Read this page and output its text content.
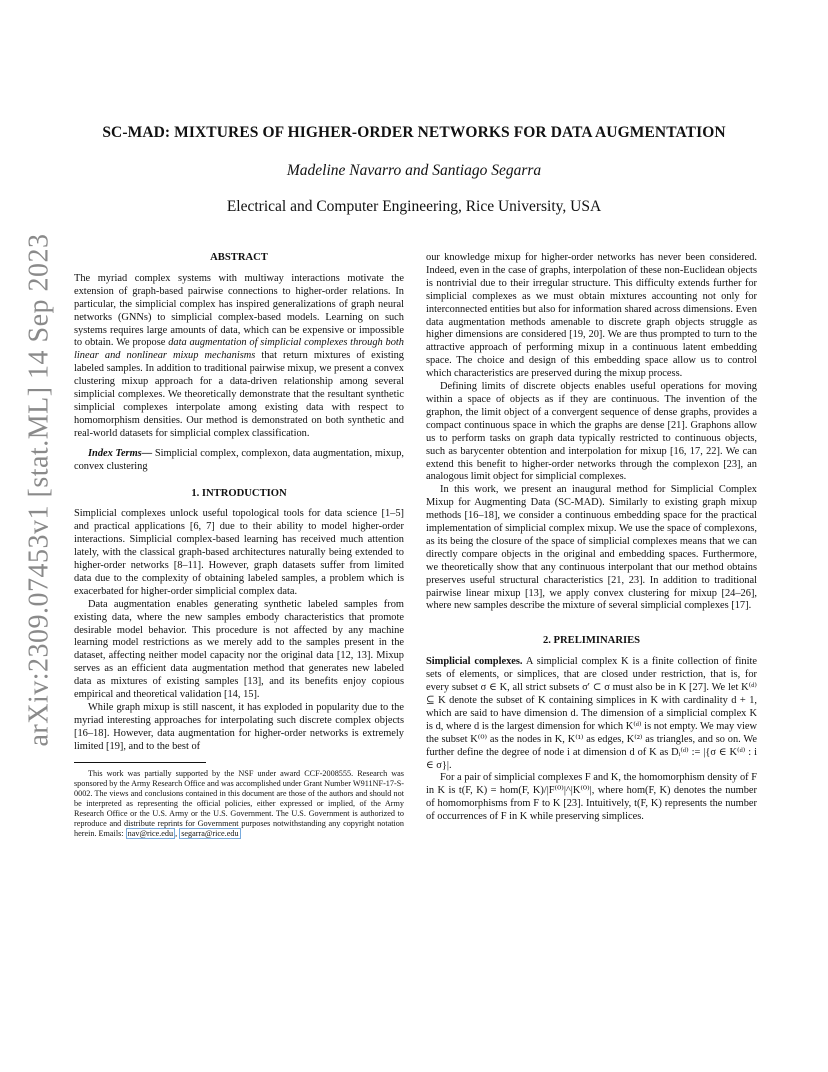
arXiv:2309.07453v1 [stat.ML] 14 Sep 2023
SC-MAD: MIXTURES OF HIGHER-ORDER NETWORKS FOR DATA AUGMENTATION
Madeline Navarro and Santiago Segarra
Electrical and Computer Engineering, Rice University, USA
ABSTRACT

The myriad complex systems with multiway interactions motivate the extension of graph-based pairwise connections to higher-order relations. In particular, the simplicial complex has inspired generalizations of graph neural networks (GNNs) to simplicial complex-based models. Learning on such systems requires large amounts of data, which can be expensive or impossible to obtain. We propose data augmentation of simplicial complexes through both linear and nonlinear mixup mechanisms that return mixtures of existing labeled samples. In addition to traditional pairwise mixup, we present a convex clustering mixup approach for a data-driven relationship among several simplicial complexes. We theoretically demonstrate that the resultant synthetic simplicial complexes interpolate among existing data with respect to homomorphism densities. Our method is demonstrated on both synthetic and real-world datasets for simplicial complex classification.

Index Terms— Simplicial complex, complexon, data augmentation, mixup, convex clustering

1. INTRODUCTION

Simplicial complexes unlock useful topological tools for data science [1–5] and practical applications [6, 7] due to their ability to model higher-order interactions. Simplicial complex-based learning has received much attention lately, with the classical graph-based architectures naturally being extended to higher-order networks [8–11]. However, graph datasets suffer from limited data due to the complexity of obtaining labeled samples, a problem which is exacerbated for higher-order simplicial complex data.

Data augmentation enables generating synthetic labeled samples from existing data, where the new samples embody characteristics that promote desirable model behavior. This procedure is not affected by any machine learning model restrictions as we merely add to the samples present in the dataset, affecting neither model capacity nor the original data [12, 13]. Mixup serves as an efficient data augmentation method that generates new labeled data as mixtures of existing samples [13], and its benefits enjoy copious empirical and theoretical validation [14, 15].

While graph mixup is still nascent, it has exploded in popularity due to the myriad interesting approaches for interpolating such discrete complex objects [16–18]. However, data augmentation for higher-order networks is extremely limited [19], and to the best of

This work was partially supported by the NSF under award CCF-2008555. Research was sponsored by the Army Research Office and was accomplished under Grant Number W911NF-17-S-0002. The views and conclusions contained in this document are those of the authors and should not be interpreted as representing the official policies, either expressed or implied, of the Army Research Office or the U.S. Army or the U.S. Government. The U.S. Government is authorized to reproduce and distribute reprints for Government purposes notwithstanding any copyright notation herein. Emails: nav@rice.edu , segarra@rice.edu

our knowledge mixup for higher-order networks has never been considered. Indeed, even in the case of graphs, interpolation of these non-Euclidean objects is nontrivial due to their irregular structure. This difficulty extends further for simplicial complexes as we must obtain mixtures accounting not only for interconnected entities but also for information shared across dimensions. Even data augmentation methods amenable to discrete graph objects struggle as higher dimensions are considered [19, 20]. We are thus prompted to turn to the attractive approach of performing mixup in a continuous latent embedding space. The choice and design of this embedding space allow us to control which characteristics are preserved during the mixup process.

Defining limits of discrete objects enables useful operations for moving within a space of objects as if they are continuous. The invention of the graphon, the limit object of a convergent sequence of dense graphs, provides a compact continuous space in which the graphs are dense [21]. Graphons allow us to perform tasks on graph data typically restricted to continuous objects, such as barycenter obtention and interpolation for mixup [16, 17, 22]. We can extend this benefit to higher-order networks through the complexon [23], an analogous limit object for simplicial complexes.

In this work, we present an inaugural method for Simplicial Complex Mixup for Augmenting Data (SC-MAD). Similarly to existing graph mixup methods [16–18], we consider a continuous embedding space for the practical implementation of simplicial complex mixup. We use the space of complexons, as its being the closure of the space of simplicial complexes means that we can directly compare objects in the original and embedding spaces. Furthermore, we theoretically show that any continuous interpolant that our method obtains preserves useful structural characteristics [21, 23]. In addition to traditional pairwise linear mixup [13], we apply convex clustering for mixup [24–26], where new samples describe the mixture of several simplicial complexes [17].

2. PRELIMINARIES

Simplicial complexes. A simplicial complex K is a finite collection of finite sets of elements, or simplices, that are closed under restriction, that is, for every subset σ ∈ K, all strict subsets σ′ ⊂ σ must also be in K [27]. We let K⁽ᵈ⁾ ⊆ K denote the subset of K containing simplices in K with cardinality d + 1, which are said to have dimension d. The dimension of a simplicial complex K is d, where d is the largest dimension for which K⁽ᵈ⁾ is not empty. We may view the subset K⁽⁰⁾ as the nodes in K, K⁽¹⁾ as edges, K⁽²⁾ as triangles, and so on. We further define the degree of node i at dimension d of K as Dᵢ⁽ᵈ⁾ := |{σ ∈ K⁽ᵈ⁾ : i ∈ σ}|.

For a pair of simplicial complexes F and K, the homomorphism density of F in K is t(F, K) = hom(F, K)/|F⁽⁰⁾|^|K⁽⁰⁾|, where hom(F, K) denotes the number of homomorphisms from F to K [23]. Intuitively, t(F, K) represents the number of occurrences of F in K while preserving simplices.
